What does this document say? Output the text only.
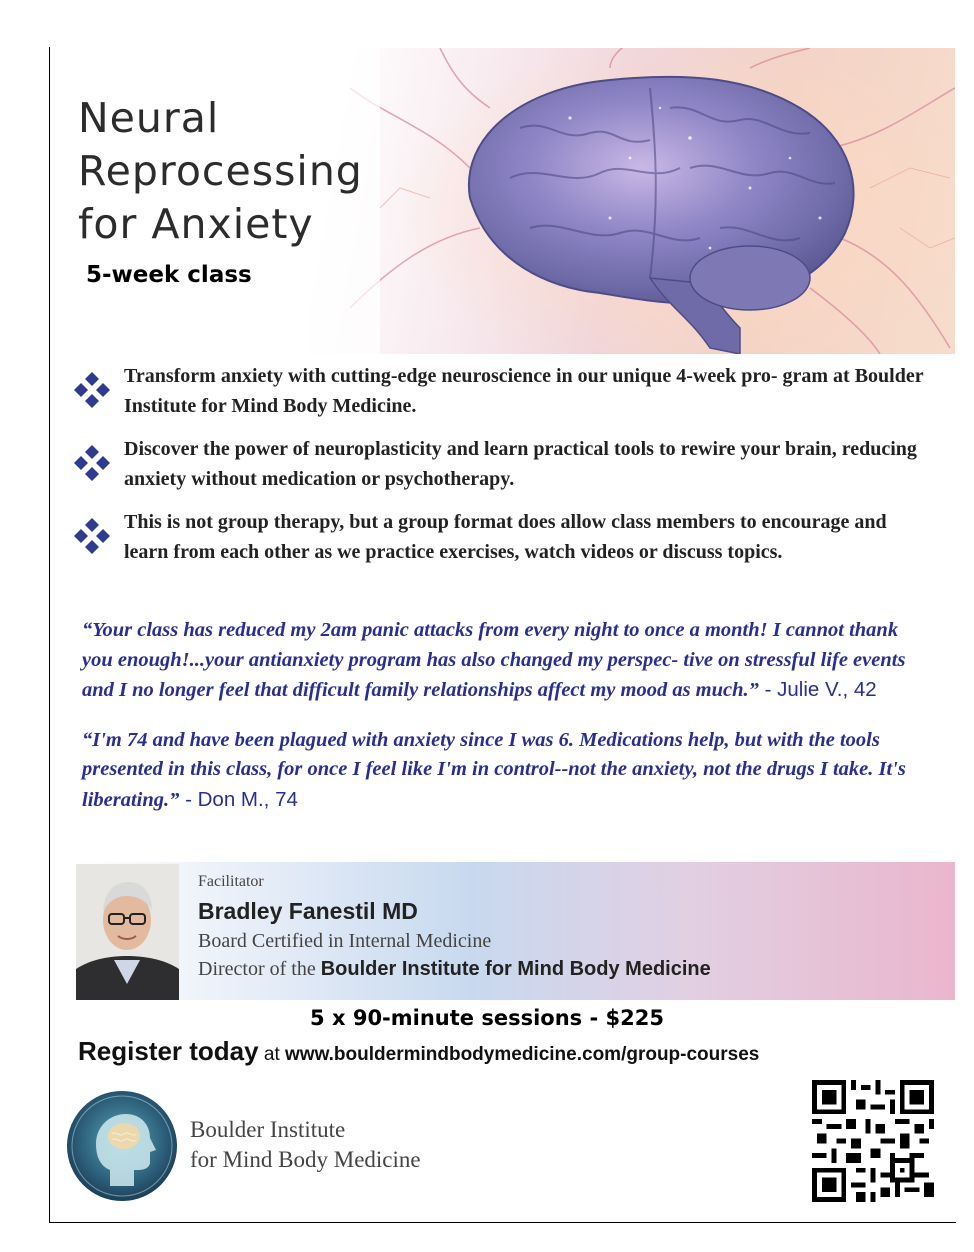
Neural
Reprocessing
for Anxiety
5-week class
Transform anxiety with cutting-edge neuroscience in our unique 4-week pro- gram at Boulder Institute for Mind Body Medicine.
Discover the power of neuroplasticity and learn practical tools to rewire your brain, reducing anxiety without medication or psychotherapy.
This is not group therapy, but a group format does allow class members to encourage and learn from each other as we practice exercises, watch videos or discuss topics.
“Your class has reduced my 2am panic attacks from every night to once a month! I cannot thank you enough!...your antianxiety program has also changed my perspec- tive on stressful life events and I no longer feel that difficult family relationships affect my mood as much.” - Julie V., 42
“I'm 74 and have been plagued with anxiety since I was 6. Medications help, but with the tools presented in this class, for once I feel like I'm in control--not the anxiety, not the drugs I take. It's liberating.” - Don M., 74
Facilitator
Bradley Fanestil MD
Board Certified in Internal Medicine
Director of the Boulder Institute for Mind Body Medicine
5 x 90-minute sessions - $225
Register today at www.bouldermindbodymedicine.com/group-courses
Boulder Institute
for Mind Body Medicine
